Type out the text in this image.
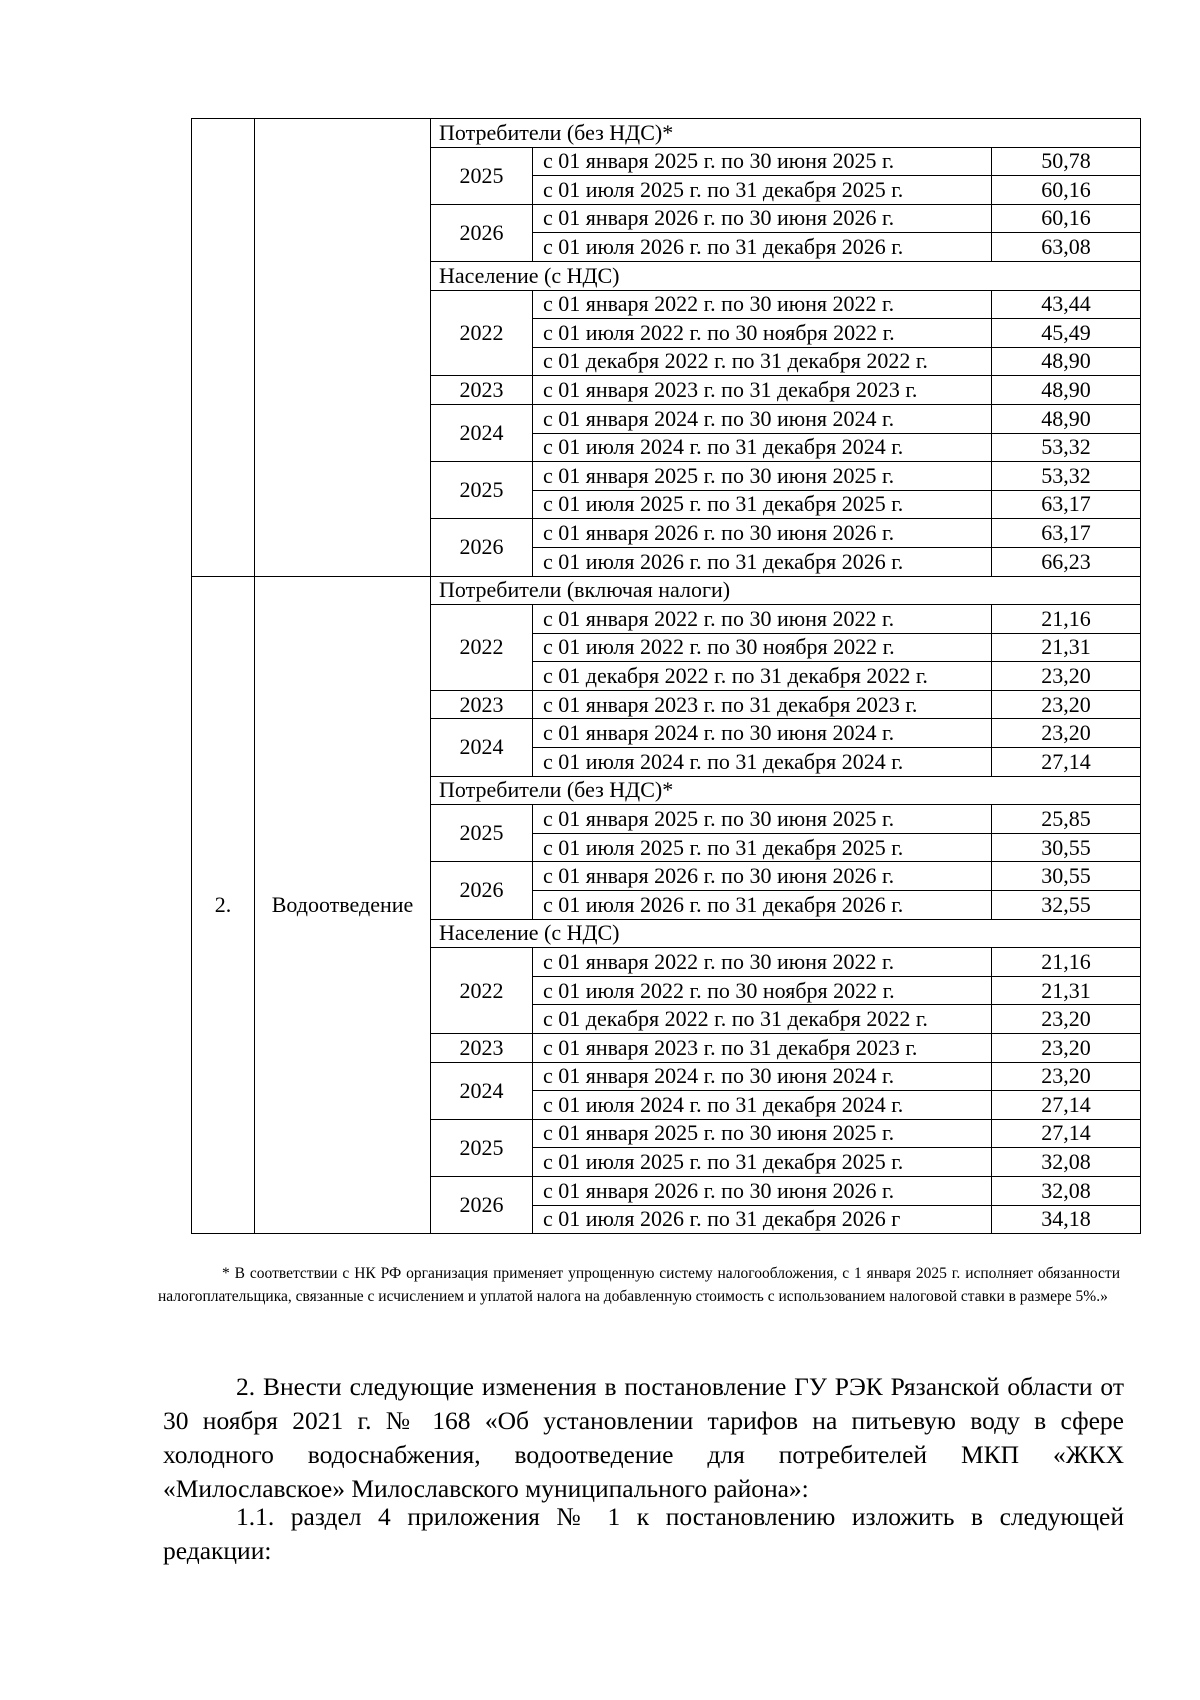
		Потребители (без НДС)*		
		2025	с 01 января 2025 г. по 30 июня 2025 г.	50,78
			с 01 июля 2025 г. по 31 декабря 2025 г.	60,16
		2026	с 01 января 2026 г. по 30 июня 2026 г.	60,16
			с 01 июля 2026 г. по 31 декабря 2026 г.	63,08
		Население (с НДС)		
		2022	с 01 января 2022 г. по 30 июня 2022 г.	43,44
			с 01 июля 2022 г. по 30 ноября 2022 г.	45,49
			с 01 декабря 2022 г. по 31 декабря 2022 г.	48,90
		2023	с 01 января 2023 г. по 31 декабря 2023 г.	48,90
		2024	с 01 января 2024 г. по 30 июня 2024 г.	48,90
			с 01 июля 2024 г. по 31 декабря 2024 г.	53,32
		2025	с 01 января 2025 г. по 30 июня 2025 г.	53,32
			с 01 июля 2025 г. по 31 декабря 2025 г.	63,17
		2026	с 01 января 2026 г. по 30 июня 2026 г.	63,17
			с 01 июля 2026 г. по 31 декабря 2026 г.	66,23
2.	Водоотведение	Потребители (включая налоги)		
		2022	с 01 января 2022 г. по 30 июня 2022 г.	21,16
			с 01 июля 2022 г. по 30 ноября 2022 г.	21,31
			с 01 декабря 2022 г. по 31 декабря 2022 г.	23,20
		2023	с 01 января 2023 г. по 31 декабря 2023 г.	23,20
		2024	с 01 января 2024 г. по 30 июня 2024 г.	23,20
			с 01 июля 2024 г. по 31 декабря 2024 г.	27,14
		Потребители (без НДС)*		
		2025	с 01 января 2025 г. по 30 июня 2025 г.	25,85
			с 01 июля 2025 г. по 31 декабря 2025 г.	30,55
		2026	с 01 января 2026 г. по 30 июня 2026 г.	30,55
			с 01 июля 2026 г. по 31 декабря 2026 г.	32,55
		Население (с НДС)		
		2022	с 01 января 2022 г. по 30 июня 2022 г.	21,16
			с 01 июля 2022 г. по 30 ноября 2022 г.	21,31
			с 01 декабря 2022 г. по 31 декабря 2022 г.	23,20
		2023	с 01 января 2023 г. по 31 декабря 2023 г.	23,20
		2024	с 01 января 2024 г. по 30 июня 2024 г.	23,20
			с 01 июля 2024 г. по 31 декабря 2024 г.	27,14
		2025	с 01 января 2025 г. по 30 июня 2025 г.	27,14
			с 01 июля 2025 г. по 31 декабря 2025 г.	32,08
		2026	с 01 января 2026 г. по 30 июня 2026 г.	32,08
			с 01 июля 2026 г. по 31 декабря 2026 г	34,18
* В соответствии с НК РФ организация применяет упрощенную систему налогообложения, с 1 января 2025 г. исполняет обязанности налогоплательщика, связанные с исчислением и уплатой налога на добавленную стоимость с использованием налоговой ставки в размере 5%.»
2. Внести следующие изменения в постановление ГУ РЭК Рязанской области от 30 ноября 2021 г. № 168 «Об установлении тарифов на питьевую воду в сфере холодного водоснабжения, водоотведение для потребителей МКП «ЖКХ «Милославское» Милославского муниципального района»:
1.1. раздел 4 приложения № 1 к постановлению изложить в следующей редакции:
